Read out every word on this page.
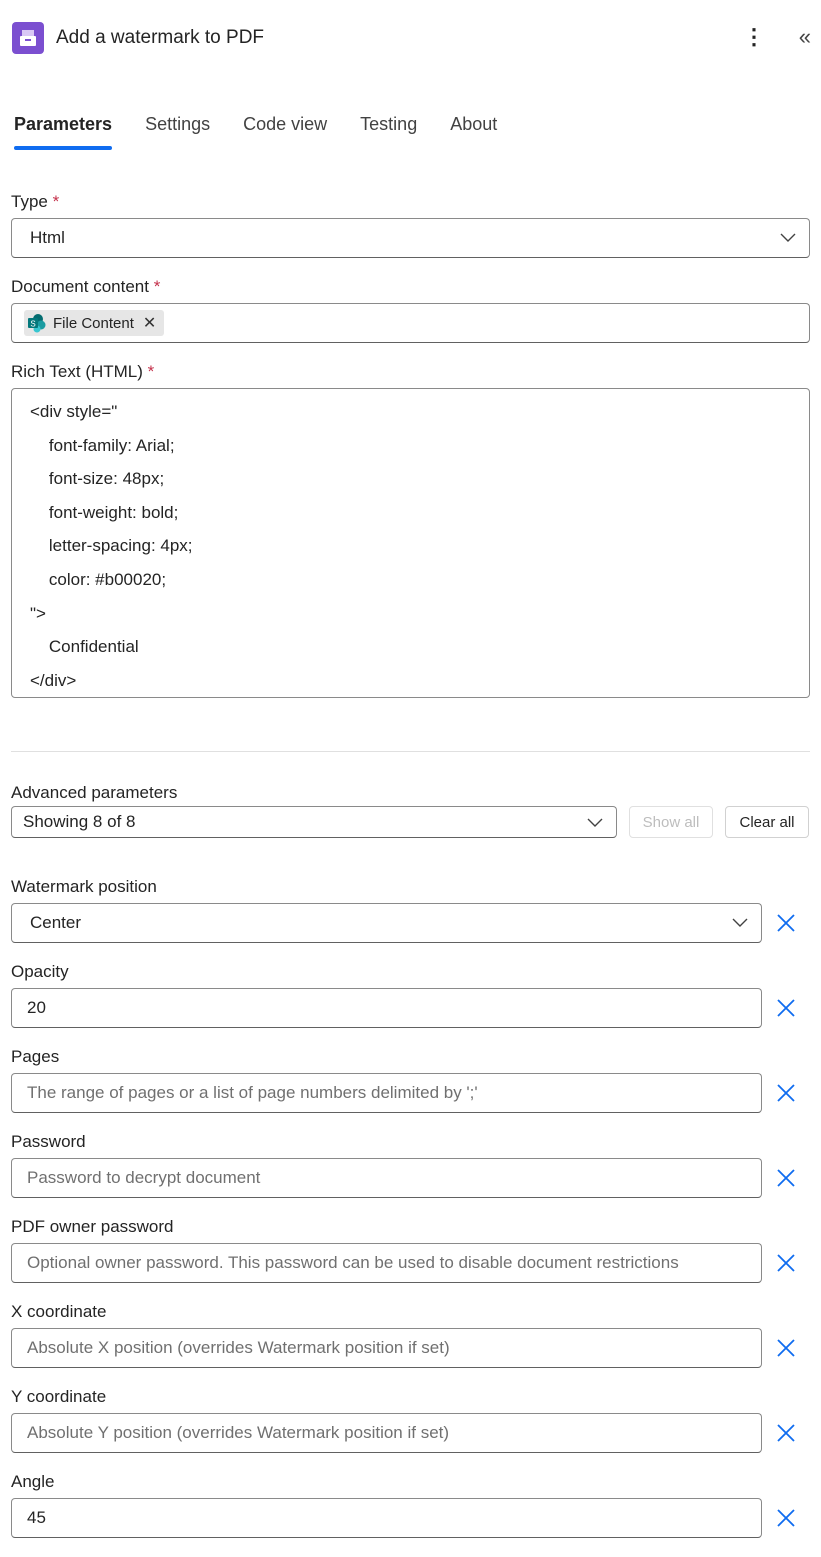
Add a watermark to PDF	⋮ «
Parameters Settings Code view Testing About
Type *
Html
Document content *
S File Content ✕
Rich Text (HTML) *
<div style="
font-family: Arial;
font-size: 48px;
font-weight: bold;
letter-spacing: 4px;
color: #b00020;
">
Confidential
</div>
Advanced parameters
Showing 8 of 8	Show all	Clear all
Watermark position
Center
Opacity
20
Pages
The range of pages or a list of page numbers delimited by ';'
Password
Password to decrypt document
PDF owner password
Optional owner password. This password can be used to disable document restrictions
X coordinate
Absolute X position (overrides Watermark position if set)
Y coordinate
Absolute Y position (overrides Watermark position if set)
Angle
45
